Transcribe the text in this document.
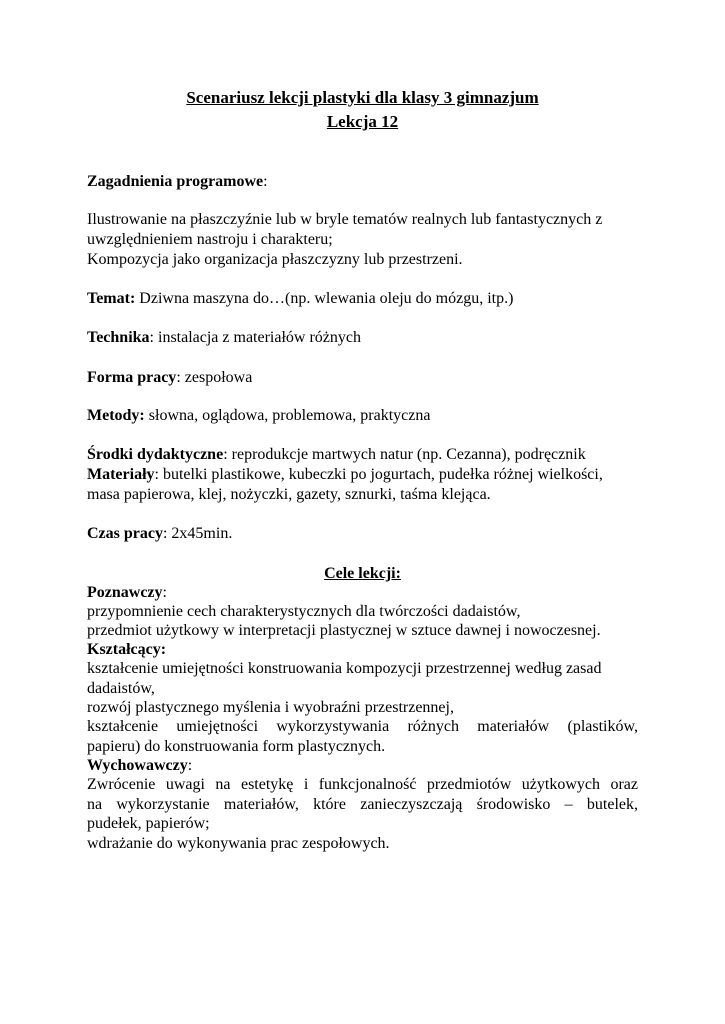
Scenariusz lekcji plastyki dla klasy 3 gimnazjum
Lekcja 12
Zagadnienia programowe:
Ilustrowanie na płaszczyźnie lub w bryle tematów realnych lub fantastycznych z
uwzględnieniem nastroju i charakteru;
Kompozycja jako organizacja płaszczyzny lub przestrzeni.
Temat: Dziwna maszyna do…(np. wlewania oleju do mózgu, itp.)
Technika: instalacja z materiałów różnych
Forma pracy: zespołowa
Metody: słowna, oglądowa, problemowa, praktyczna
Środki dydaktyczne: reprodukcje martwych natur (np. Cezanna), podręcznik
Materiały: butelki plastikowe, kubeczki po jogurtach, pudełka różnej wielkości,
masa papierowa, klej, nożyczki, gazety, sznurki, taśma klejąca.
Czas pracy: 2x45min.
Cele lekcji:
Poznawczy:
przypomnienie cech charakterystycznych dla twórczości dadaistów,
przedmiot użytkowy w interpretacji plastycznej w sztuce dawnej i nowoczesnej.
Kształcący:
kształcenie umiejętności konstruowania kompozycji przestrzennej według zasad
dadaistów,
rozwój plastycznego myślenia i wyobraźni przestrzennej,
kształcenie umiejętności wykorzystywania różnych materiałów (plastików,
papieru) do konstruowania form plastycznych.
Wychowawczy:
Zwrócenie uwagi na estetykę i funkcjonalność przedmiotów użytkowych oraz
na wykorzystanie materiałów, które zanieczyszczają środowisko – butelek,
pudełek, papierów;
wdrażanie do wykonywania prac zespołowych.
